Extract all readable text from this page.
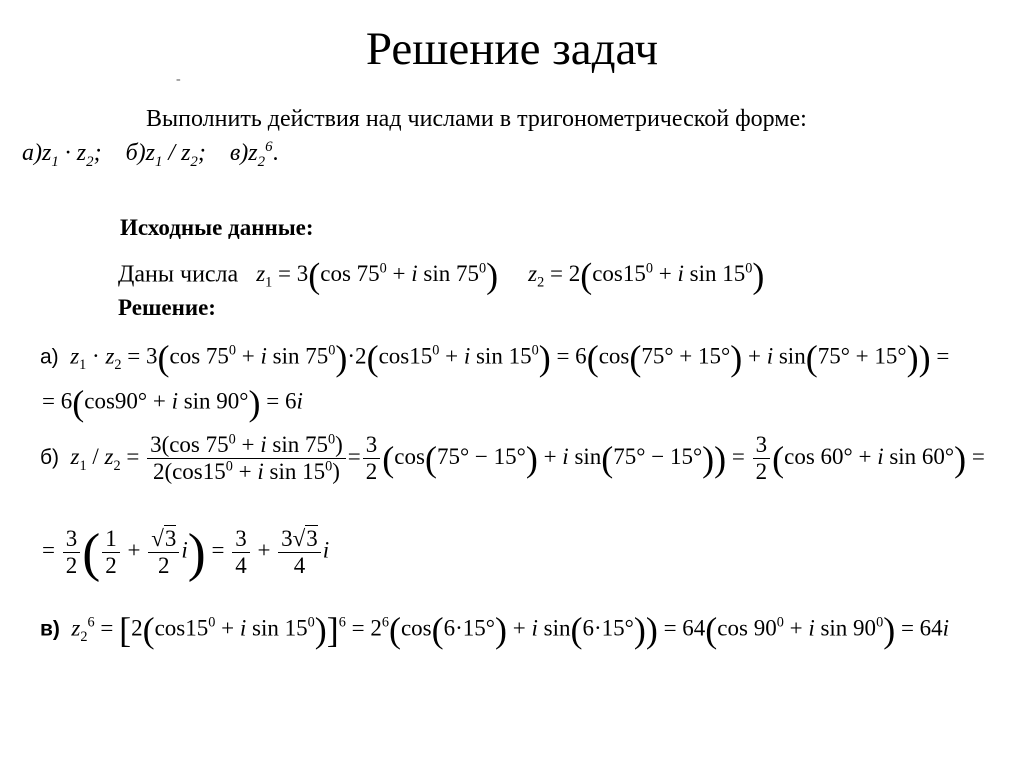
Решение задач
-
Выполнить действия над числами в тригонометрической форме:
$а)z_1 \cdot z_2$; $б)z_1 / z_2$; $в)z_2^6$.
Исходные данные:
Даны числа $z_1 = 3(\cos$ $75^0 + i$ $\sin 75^0$) $z_2 = 2(\cos 15^0 + i$ $\sin 15^0$)
Решение:
а) $z_1 \cdot z_2 = 3(\cos$ $75^0 + i$ $\sin 75^0)\cdot 2(\cos 15^0 + i$ $\sin 15^0) = 6(\cos(75^\circ + 15^\circ) + i$ sin(75° + 15°)) =
= 6(cos90° + i sin 90°) = 6i
б) $z_1 / z_2 = \frac{3(\cos 75^0 + i \sin 75^0)}{2(\cos 15^0 + i \sin 15^0)} = \frac{3}{2} (\cos(75^\circ - 15^\circ) + i$ $\sin(75^\circ - 15^\circ)) = \frac{3}{2} (\cos$ 60° + i sin 60°) =
= $\frac{3}{2}$ ( $\frac{1}{2} + \frac{√3}{2} i) = \frac{3}{4} + \frac{3√3}{4}$ i
в) $z_2^6 = [2(\cos 15^0 + i$ $\sin 15^0)]^6 = 2^6(\cos(6\cdot 15^\circ) + i$ sin(6·15°)) = 64(cos $90^0 + i$ $\sin 90^0) = 64i$
